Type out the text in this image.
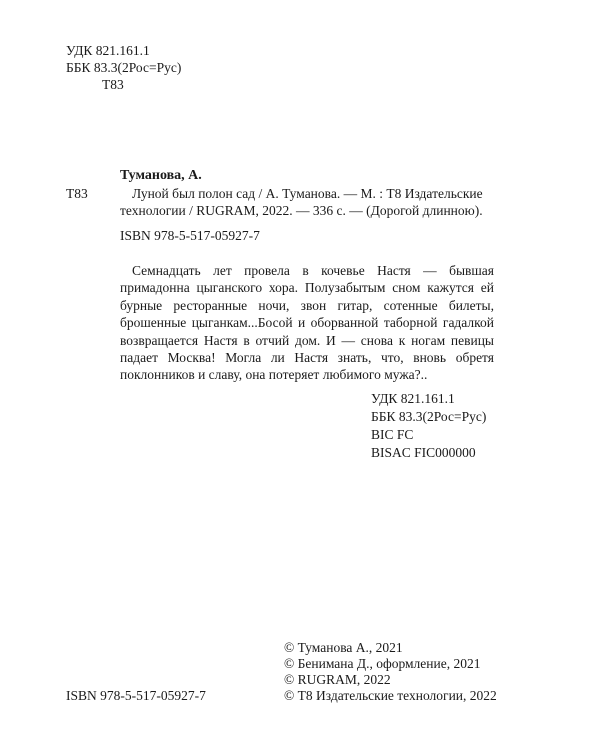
УДК 821.161.1
ББК 83.3(2Рос=Рус)
Т83
Туманова, А.
Т83	Луной был полон сад / А. Туманова. — М. : Т8 Издательские технологии / RUGRAM, 2022. — 336 с. — (Дорогой длинною).
ISBN 978-5-517-05927-7
Семнадцать лет провела в кочевье Настя — бывшая примадонна цыганского хора. Полузабытым сном кажутся ей бурные ресторанные ночи, звон гитар, сотенные билеты, брошенные цыганкам...Босой и оборванной таборной гадалкой возвращается Настя в отчий дом. И — снова к ногам певицы падает Москва! Могла ли Настя знать, что, вновь обретя поклонников и славу, она потеряет любимого мужа?..
УДК 821.161.1
ББК 83.3(2Рос=Рус)
BIC FC
BISAC FIC000000
© Туманова А., 2021
© Бенимана Д., оформление, 2021
© RUGRAM, 2022
© Т8 Издательские технологии, 2022
ISBN 978-5-517-05927-7
